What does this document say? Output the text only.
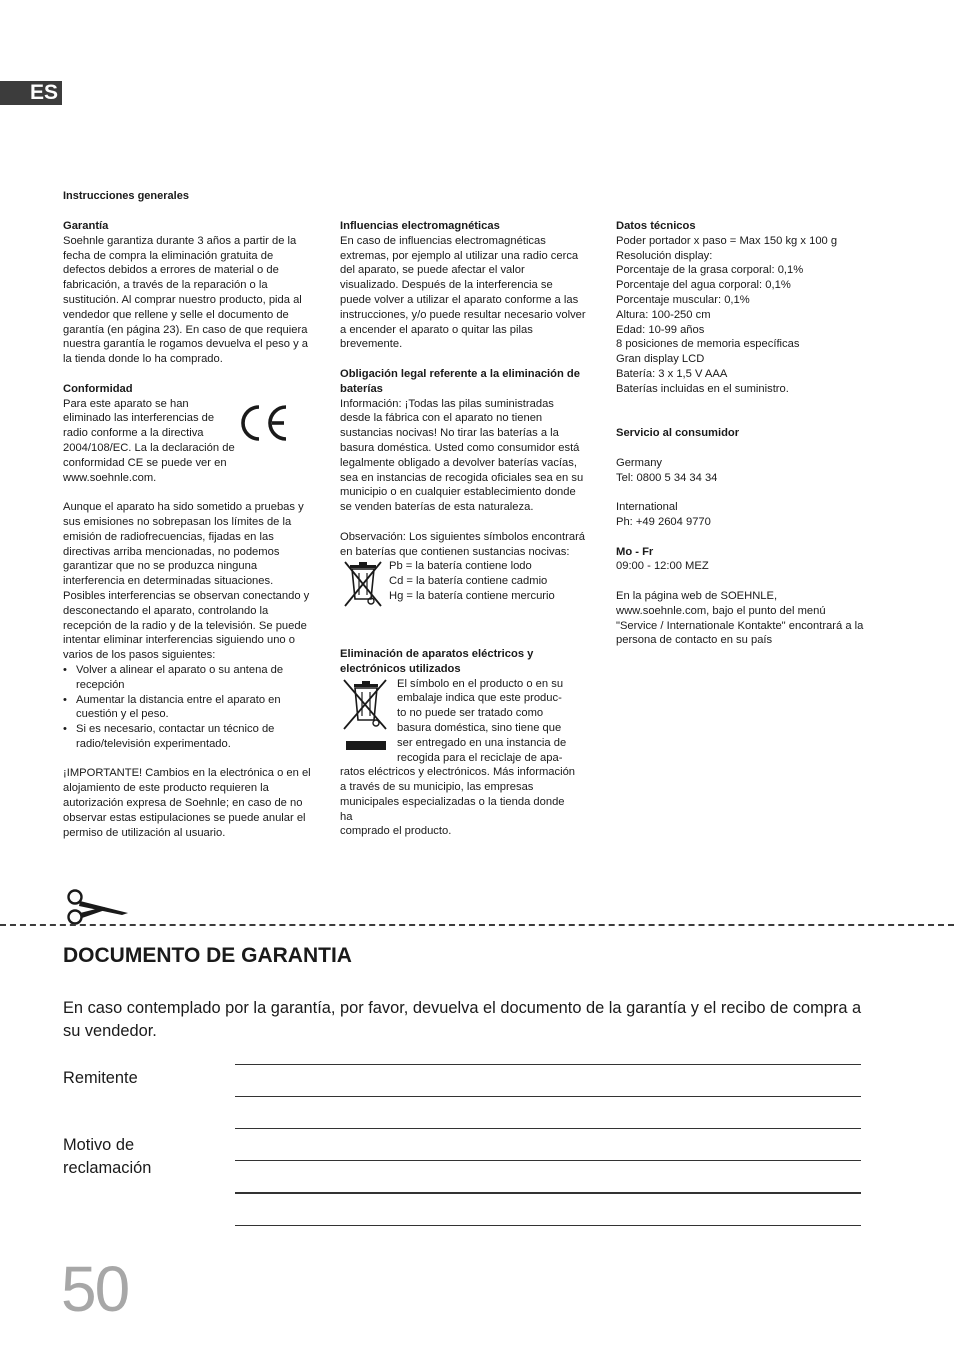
ES
Instrucciones generales
Garantía

Soehnle garantiza durante 3 años a partir de la fecha de compra la eliminación gratuita de defectos debidos a errores de material o de fabricación, a través de la reparación o la sustitución. Al comprar nuestro producto, pida al vendedor que rellene y selle el documento de garantía (en página 23). En caso de que requiera nuestra garantía le rogamos devuelva el peso y a la tienda donde lo ha comprado.

Conformidad

Para este aparato se han eliminado las interferencias de radio conforme a la directiva 2004/108/EC. La la declaración de conformidad CE se puede ver en www.soehnle.com.

Aunque el aparato ha sido sometido a pruebas y sus emisiones no sobrepasan los límites de la emisión de radiofrecuencias, fijadas en las directivas arriba mencionadas, no podemos garantizar que no se produzca ninguna interferencia en determinadas situaciones. Posibles interferencias se observan conectando y desconectando el aparato, controlando la recepción de la radio y de la televisión. Se puede intentar eliminar interferencias siguiendo uno o varios de los pasos siguientes:

• Volver a alinear el aparato o su antena de recepción
• Aumentar la distancia entre el aparato en cuestión y el peso.
• Si es necesario, contactar un técnico de radio/televisión experimentado.

¡IMPORTANTE! Cambios en la electrónica o en el alojamiento de este producto requieren la autorización expresa de Soehnle; en caso de no observar estas estipulaciones se puede anular el permiso de utilización al usuario.

Influencias electromagnéticas

En caso de influencias electromagnéticas extremas, por ejemplo al utilizar una radio cerca del aparato, se puede afectar el valor visualizado. Después de la interferencia se puede volver a utilizar el aparato conforme a las instrucciones, y/o puede resultar necesario volver a encender el aparato o quitar las pilas brevemente.

Obligación legal referente a la eliminación de baterías

Información: ¡Todas las pilas suministradas desde la fábrica con el aparato no tienen sustancias nocivas! No tirar las baterías a la basura doméstica. Usted como consumidor está legalmente obligado a devolver baterías vacías, sea en instancias de recogida oficiales sea en su municipio o en cualquier establecimiento donde se venden baterías de esta naturaleza.

Observación: Los siguientes símbolos encontrará en baterías que contienen sustancias nocivas:

Pb = la batería contiene lodo
Cd = la batería contiene cadmio
Hg = la batería contiene mercurio
Eliminación de aparatos eléctricos y electrónicos utilizados
El símbolo en el producto o en su
embalaje indica que este produc-
to no puede ser tratado como
basura doméstica, sino tiene que
ser entregado en una instancia de
recogida para el reciclaje de apa-
ratos eléctricos y electrónicos. Más información a través de su municipio, las empresas municipales especializadas o la tienda donde ha
comprado el producto.
Datos técnicos
Poder portador x paso = Max 150 kg x 100 g
Resolución display:
Porcentaje de la grasa corporal: 0,1%
Porcentaje del agua corporal: 0,1%
Porcentaje muscular: 0,1%
Altura: 100-250 cm
Edad: 10-99 años
8 posiciones de memoria específicas
Gran display LCD
Batería: 3 x 1,5 V AAA
Baterías incluidas en el suministro.
Servicio al consumidor
Germany
Tel: 0800 5 34 34 34
International
Ph: +49 2604 9770
Mo - Fr
09:00 - 12:00 MEZ
En la página web de SOEHNLE, www.soehnle.com, bajo el punto del menú "Service / Internationale Kontakte" encontrará a la persona de contacto en su país
DOCUMENTO DE GARANTIA

En caso contemplado por la garantía, por favor, devuelva el documento de la garantía y el recibo de compra a su vendedor.

Remitente
Motivo de reclamación
50
